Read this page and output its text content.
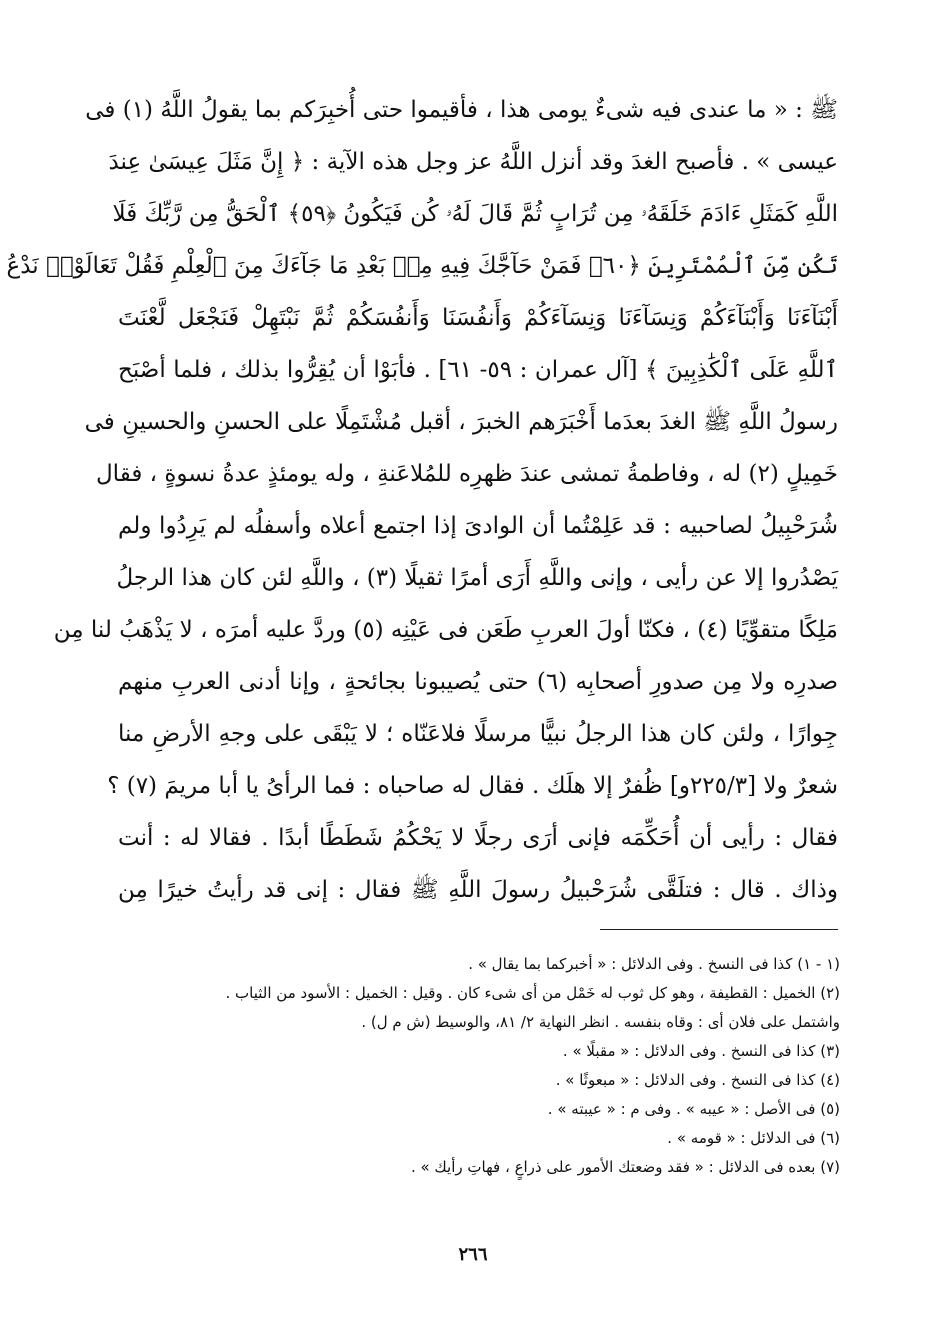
ﷺ : « ما عندى فيه شىءٌ يومى هذا ، فأقيموا حتى أُخبِرَكم بما يقولُ اللَّهُ (١) فى
عيسى » . فأصبح الغدَ وقد أنزل اللَّهُ عز وجل هذه الآية : ﴿ إِنَّ مَثَلَ عِيسَىٰ عِندَ
اللَّهِ كَمَثَلِ ءَادَمَ خَلَقَهُۥ مِن تُرَابٍ ثُمَّ قَالَ لَهُۥ كُن فَيَكُونُ ﴿٥٩﴾ ٱلْحَقُّ مِن رَّبِّكَ فَلَا
تَكُن مِّنَ ٱلْمُمْتَرِينَ ﴿٦٠﴾ فَمَنْ حَآجَّكَ فِيهِ مِنۢ بَعْدِ مَا جَآءَكَ مِنَ ٱلْعِلْمِ فَقُلْ تَعَالَوْا۟ نَدْعُ
أَبْنَآءَنَا وَأَبْنَآءَكُمْ وَنِسَآءَنَا وَنِسَآءَكُمْ وَأَنفُسَنَا وَأَنفُسَكُمْ ثُمَّ نَبْتَهِلْ فَنَجْعَل لَّعْنَتَ
ٱللَّهِ عَلَى ٱلْكَٰذِبِينَ ﴾ [آل عمران : ٥٩- ٦١] . فأبَوْا أن يُقِرُّوا بذلك ، فلما أصْبَح
رسولُ اللَّهِ ﷺ الغدَ بعدَما أَخْبَرَهم الخبرَ ، أقبل مُشْتَمِلًا على الحسنِ والحسينِ فى
خَمِيلٍ (٢) له ، وفاطمةُ تمشى عندَ ظهرِه للمُلاعَنةِ ، وله يومئذٍ عدةُ نسوةٍ ، فقال
شُرَحْبِيلُ لصاحبيه : قد عَلِمْتُما أن الوادىَ إذا اجتمع أعلاه وأسفلُه لم يَرِدُوا ولم
يَصْدُروا إلا عن رأيى ، وإنى واللَّهِ أَرَى أمرًا ثقيلًا (٣) ، واللَّهِ لئن كان هذا الرجلُ
مَلِكًا متقوِّيًا (٤) ، فكنّا أولَ العربِ طَعَن فى عَيْنِه (٥) وردَّ عليه أمرَه ، لا يَذْهَبُ لنا مِن
صدرِه ولا مِن صدورِ أصحابِه (٦) حتى يُصيبونا بجائحةٍ ، وإنا أدنى العربِ منهم
جِوارًا ، ولئن كان هذا الرجلُ نبيًّا مرسلًا فلاعَنّاه ؛ لا يَبْقَى على وجهِ الأرضِ منا
شعرٌ ولا [٢٢٥/٣و] ظُفرٌ إلا هلَك . فقال له صاحباه : فما الرأىُ يا أبا مريمَ (٧) ؟
فقال : رأيى أن أُحَكِّمَه فإنى أرَى رجلًا لا يَحْكُمُ شَطَطًا أبدًا . فقالا له : أنت
وذاك . قال : فتلَقَّى شُرَحْبيلُ رسولَ اللَّهِ ﷺ فقال : إنى قد رأيتُ خيرًا مِن
(١ - ١) كذا فى النسخ . وفى الدلائل : « أخبركما بما يقال » .
(٢) الخميل : القطيفة ، وهو كل ثوب له خَمْل من أى شىء كان . وقيل : الخميل : الأسود من الثياب .
واشتمل على فلان أى : وقاه بنفسه . انظر النهاية ٢/ ٨١، والوسيط (ش م ل) .
(٣) كذا فى النسخ . وفى الدلائل : « مقبلًا » .
(٤) كذا فى النسخ . وفى الدلائل : « مبعوثًا » .
(٥) فى الأصل : « عيبه » . وفى م : « عيبته » .
(٦) فى الدلائل : « قومه » .
(٧) بعده فى الدلائل : « فقد وضعتك الأمور على ذراعٍ ، فهاتِ رأيك » .
٢٦٦
